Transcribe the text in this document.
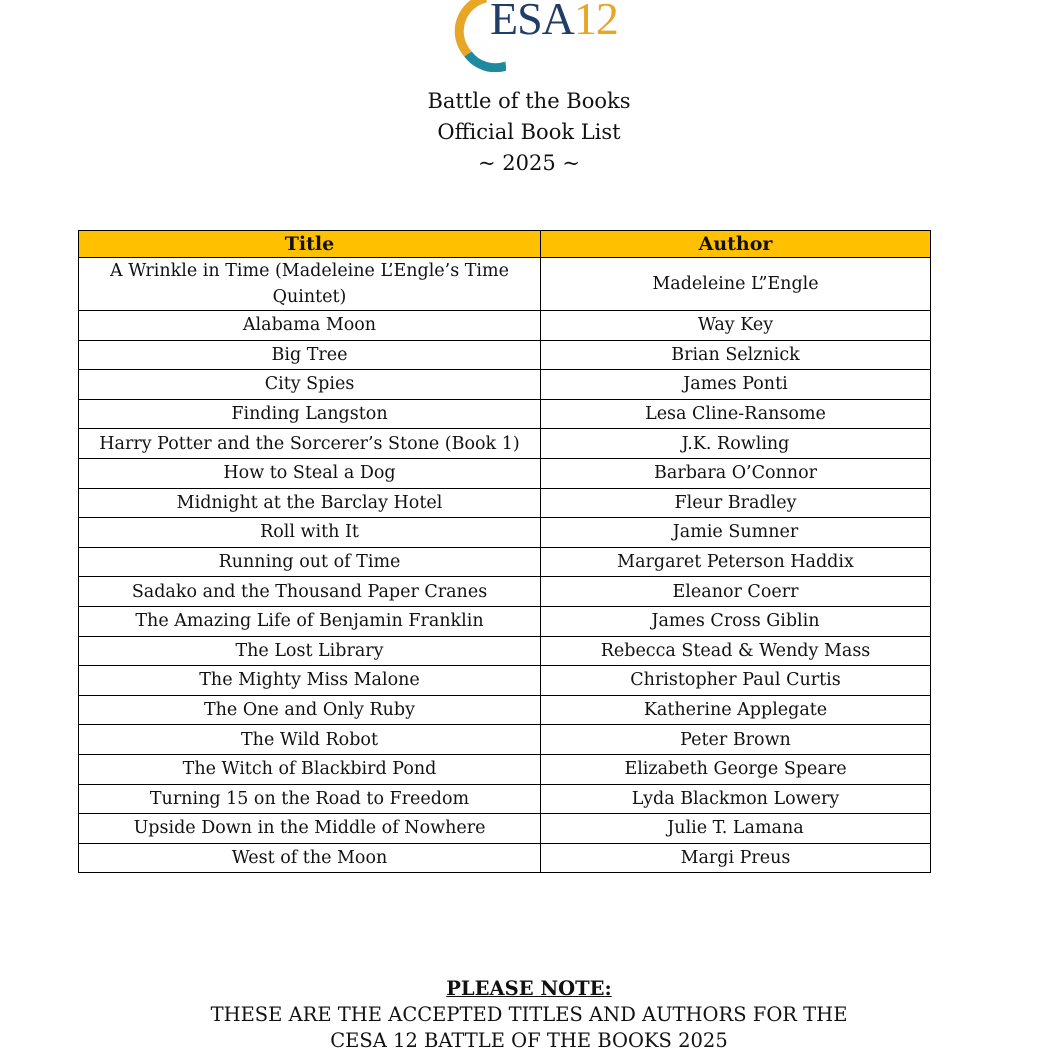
ESA12
Battle of the Books
Official Book List
~ 2025 ~
Title	Author
A Wrinkle in Time (Madeleine L’Engle’s Time Quintet)	Madeleine L”Engle
Alabama Moon	Way Key
Big Tree	Brian Selznick
City Spies	James Ponti
Finding Langston	Lesa Cline-Ransome
Harry Potter and the Sorcerer’s Stone (Book 1)	J.K. Rowling
How to Steal a Dog	Barbara O’Connor
Midnight at the Barclay Hotel	Fleur Bradley
Roll with It	Jamie Sumner
Running out of Time	Margaret Peterson Haddix
Sadako and the Thousand Paper Cranes	Eleanor Coerr
The Amazing Life of Benjamin Franklin	James Cross Giblin
The Lost Library	Rebecca Stead & Wendy Mass
The Mighty Miss Malone	Christopher Paul Curtis
The One and Only Ruby	Katherine Applegate
The Wild Robot	Peter Brown
The Witch of Blackbird Pond	Elizabeth George Speare
Turning 15 on the Road to Freedom	Lyda Blackmon Lowery
Upside Down in the Middle of Nowhere	Julie T. Lamana
West of the Moon	Margi Preus
PLEASE NOTE:
THESE ARE THE ACCEPTED TITLES AND AUTHORS FOR THE
CESA 12 BATTLE OF THE BOOKS 2025
